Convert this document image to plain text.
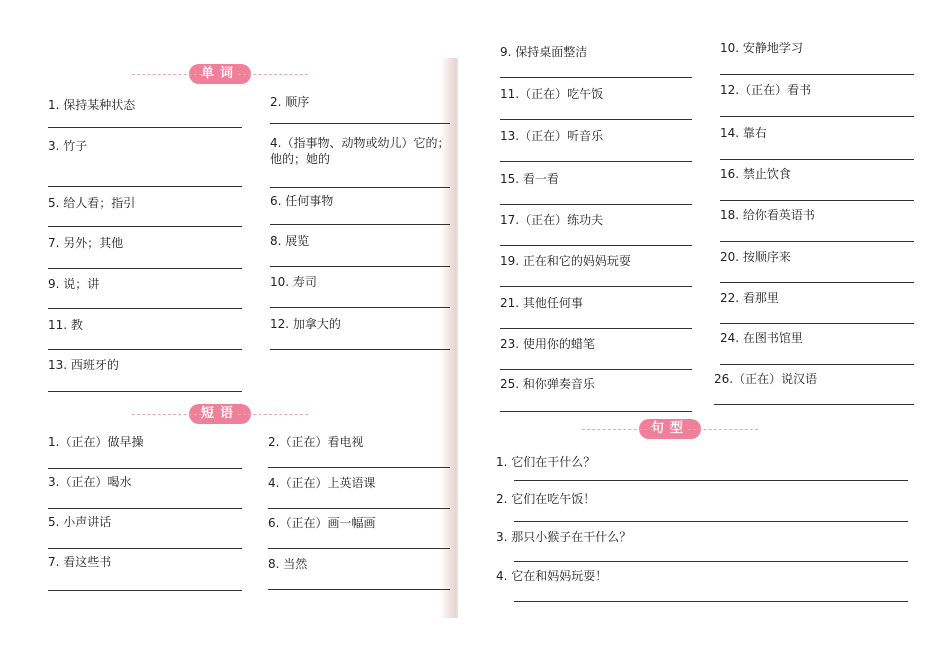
单词
1. 保持某种状态
3. 竹子
5. 给人看；指引
7. 另外；其他
9. 说；讲
11. 教
13. 西班牙的
2. 顺序
4.（指事物、动物或幼儿）它的；他的；她的
6. 任何事物
8. 展览
10. 寿司
12. 加拿大的
短语
1.（正在）做早操
3.（正在）喝水
5. 小声讲话
7. 看这些书
2.（正在）看电视
4.（正在）上英语课
6.（正在）画一幅画
8. 当然
9. 保持桌面整洁
11.（正在）吃午饭
13.（正在）听音乐
15. 看一看
17.（正在）练功夫
19. 正在和它的妈妈玩耍
21. 其他任何事
23. 使用你的蜡笔
25. 和你弹奏音乐
10. 安静地学习
12.（正在）看书
14. 靠右
16. 禁止饮食
18. 给你看英语书
20. 按顺序来
22. 看那里
24. 在图书馆里
26.（正在）说汉语
句型
1. 它们在干什么？
2. 它们在吃午饭！
3. 那只小猴子在干什么？
4. 它在和妈妈玩耍！
